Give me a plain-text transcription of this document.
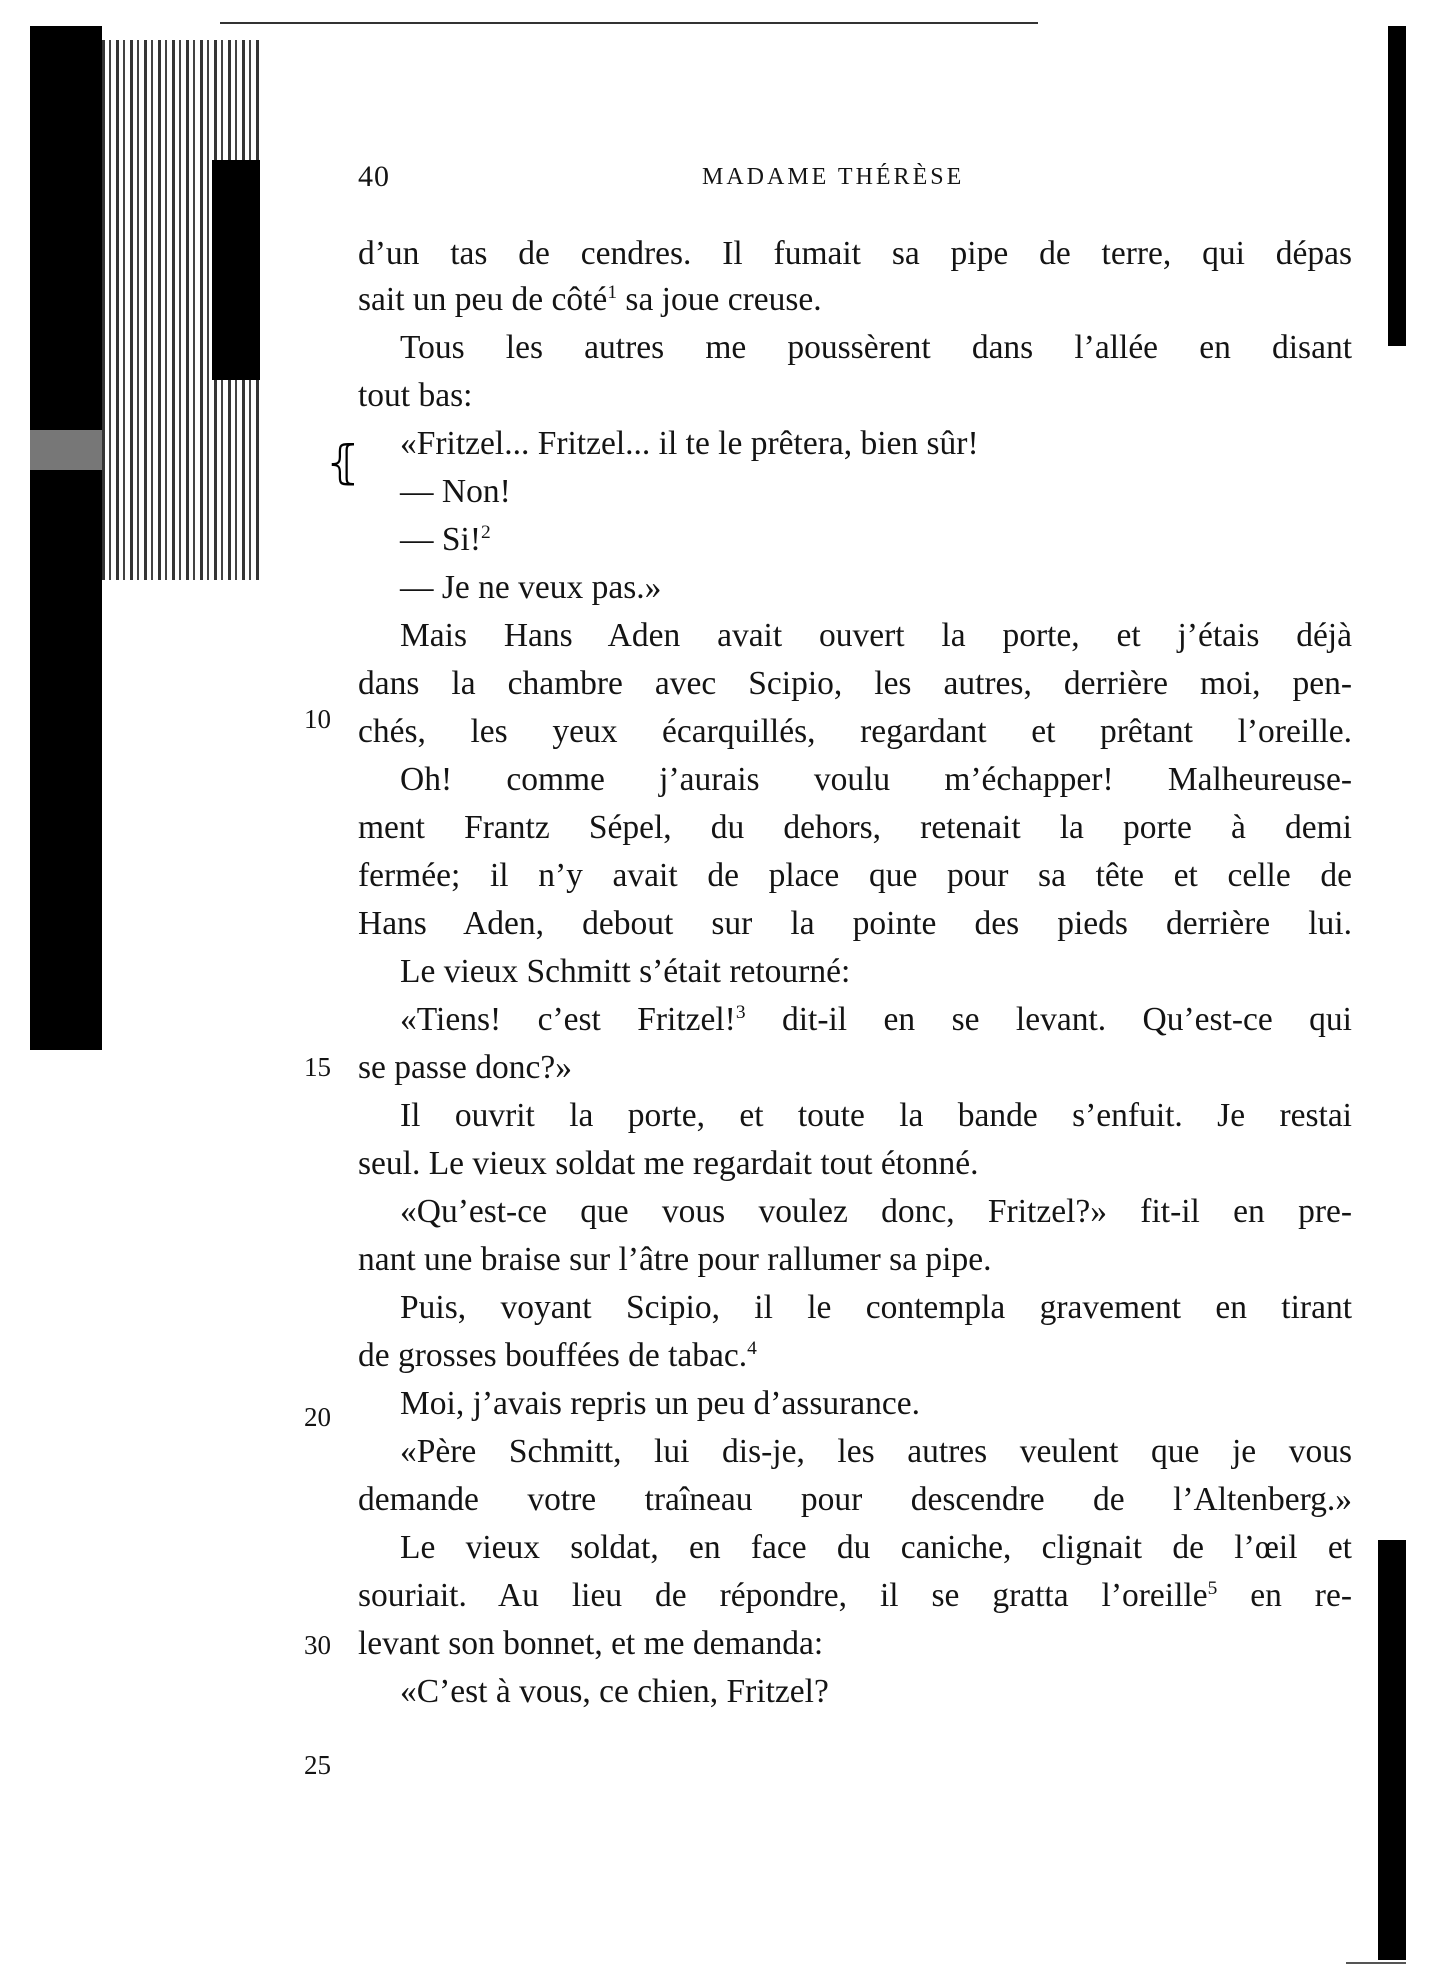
⦃
40	MADAME THÉRÈSE
10
15
20
25
d’un tas de cendres. Il fumait sa pipe de terre, qui dépas
sait un peu de côté$^1$ sa joue creuse.
Tous les autres me poussèrent dans l’allée en disant
tout bas:
«Fritzel... Fritzel... il te le prêtera, bien sûr!
— Non!
— Si!$^2$
— Je ne veux pas.»
Mais Hans Aden avait ouvert la porte, et j’étais déjà
dans la chambre avec Scipio, les autres, derrière moi, pen-
chés, les yeux écarquillés, regardant et prêtant l’oreille.
Oh! comme j’aurais voulu m’échapper! Malheureuse-
ment Frantz Sépel, du dehors, retenait la porte à demi
fermée; il n’y avait de place que pour sa tête et celle de
Hans Aden, debout sur la pointe des pieds derrière lui.
Le vieux Schmitt s’était retourné:
«Tiens! c’est Fritzel!$^3$ dit-il en se levant. Qu’est-ce qui
se passe donc?»
Il ouvrit la porte, et toute la bande s’enfuit. Je restai
seul. Le vieux soldat me regardait tout étonné.
«Qu’est-ce que vous voulez donc, Fritzel?» fit-il en pre-
nant une braise sur l’âtre pour rallumer sa pipe.
Puis, voyant Scipio, il le contempla gravement en tirant
de grosses bouffées de tabac.$^4$
Moi, j’avais repris un peu d’assurance.
«Père Schmitt, lui dis-je, les autres veulent que je vous
demande votre traîneau pour descendre de l’Altenberg.»
Le vieux soldat, en face du caniche, clignait de l’œil et
souriait. Au lieu de répondre, il se gratta l’oreille$^5$ en re-
levant son bonnet, et me demanda:
«C’est à vous, ce chien, Fritzel?
30
